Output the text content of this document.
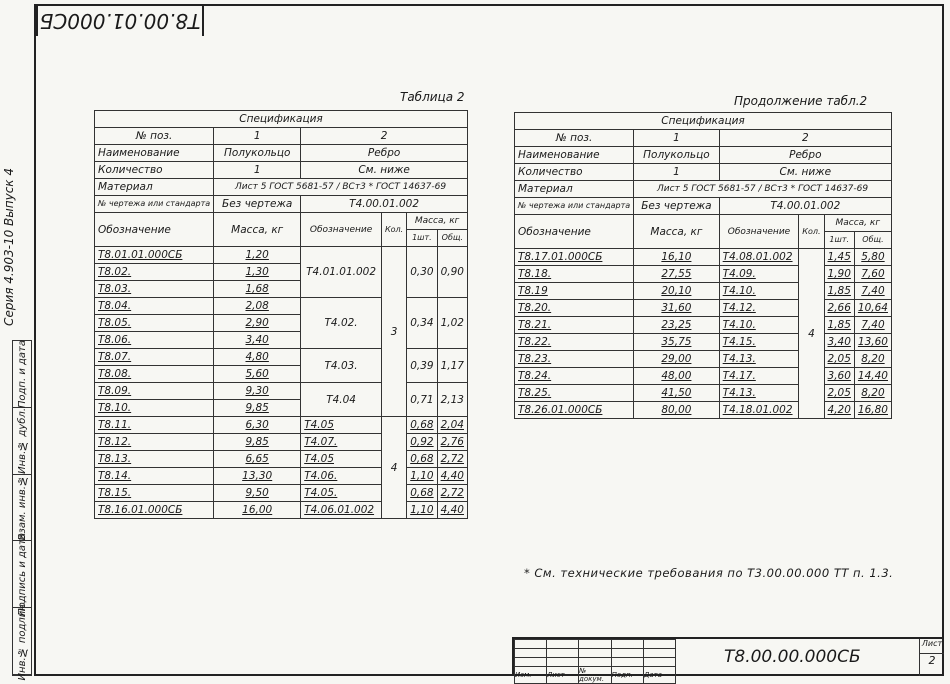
T8.00.01.000СБ
Серия 4.903-10 Выпуск 4
Подп. и дата
Инв.№ дубл.
Взам. инв.№
Подпись и дата
Инв.№ подлин.
Таблица 2
Спецификация					
№ поз.	1	2			
Наименование	Полукольцо	Ребро			
Количество	1	См. ниже			
Материал	Лист 5 ГОСТ 5681-57 / ВСт3 * ГОСТ 14637-69				
№ чертежа или стандарта	Без чертежа	Т4.00.01.002			
Обозначение	Масса, кг	Обозначение	Кол.	Масса, кг	
				1шт.	Общ.
Т8.01.01.000СБ	1,20	Т4.01.01.002	3	0,30	0,90
Т8.02.	1,30				
Т8.03.	1,68				
Т8.04.	2,08	Т4.02.		0,34	1,02
Т8.05.	2,90				
Т8.06.	3,40				
Т8.07.	4,80	Т4.03.		0,39	1,17
Т8.08.	5,60				
Т8.09.	9,30	Т4.04		0,71	2,13
Т8.10.	9,85				
Т8.11.	6,30	Т4.05	4	0,68	2,04
Т8.12.	9,85	Т4.07.		0,92	2,76
Т8.13.	6,65	Т4.05		0,68	2,72
Т8.14.	13,30	Т4.06.		1,10	4,40
Т8.15.	9,50	Т4.05.		0,68	2,72
Т8.16.01.000СБ	16,00	Т4.06.01.002		1,10	4,40
Продолжение табл.2
Спецификация					
№ поз.	1	2			
Наименование	Полукольцо	Ребро			
Количество	1	См. ниже			
Материал	Лист 5 ГОСТ 5681-57 / ВСт3 * ГОСТ 14637-69				
№ чертежа или стандарта	Без чертежа	Т4.00.01.002			
Обозначение	Масса, кг	Обозначение	Кол.	Масса, кг	
				1шт.	Общ.
Т8.17.01.000СБ	16,10	Т4.08.01.002	4	1,45	5,80
Т8.18.	27,55	Т4.09.		1,90	7,60
Т8.19	20,10	Т4.10.		1,85	7,40
Т8.20.	31,60	Т4.12.		2,66	10,64
Т8.21.	23,25	Т4.10.		1,85	7,40
Т8.22.	35,75	Т4.15.		3,40	13,60
Т8.23.	29,00	Т4.13.		2,05	8,20
Т8.24.	48,00	Т4.17.		3,60	14,40
Т8.25.	41,50	Т4.13.		2,05	8,20
Т8.26.01.000СБ	80,00	Т4.18.01.002		4,20	16,80
* См. технические требования по Т3.00.00.000 ТТ п. 1.3.

Изм.	Лист	№ докум.	Подп.	Дата
Т8.00.00.000СБ
Лист
2
